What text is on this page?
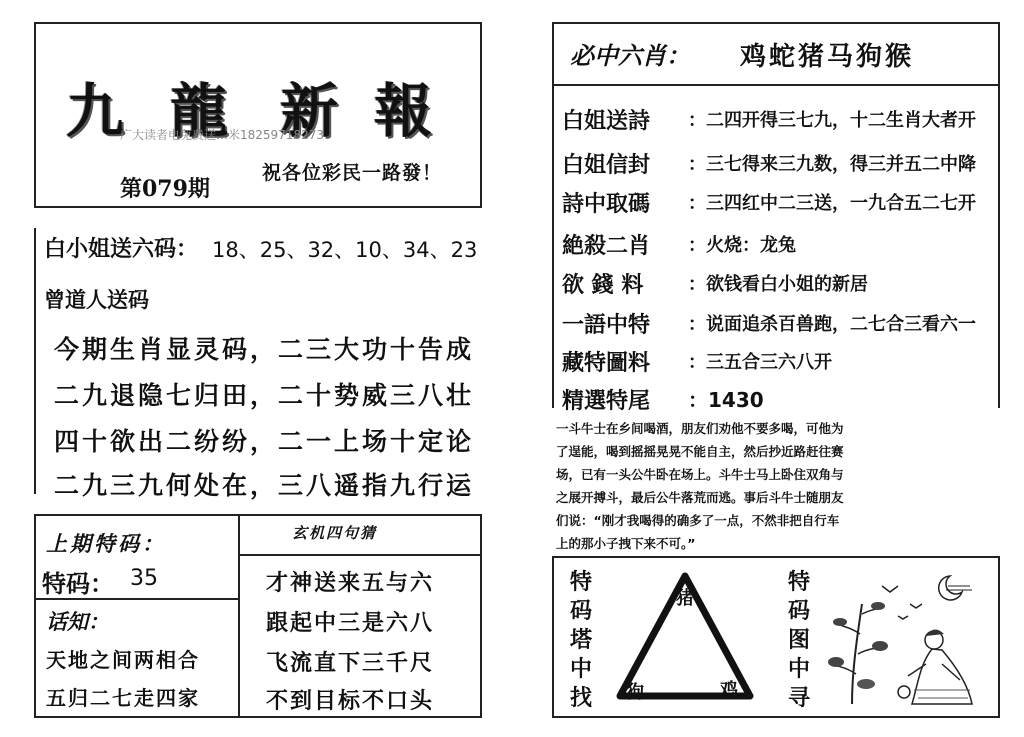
九 龍 新 報
广大读者电免费送…米18259718273
第079期
祝各位彩民一路發！
白小姐送六码： 18、25、32、10、34、23
曾道人送码
今期生肖显灵码，二三大功十告成
二九退隐七归田，二十势威三八壮
四十欲出二纷纷，二一上场十定论
二九三九何处在，三八遥指九行运
上期特码：
特码： 35
话知：
天地之间两相合
五归二七走四家
玄机四句猜
才神送来五与六
跟起中三是六八
飞流直下三千尺
不到目标不口头
必中六肖： 鸡蛇猪马狗猴
白姐送詩 ：二四开得三七九，十二生肖大者开
白姐信封 ：三七得来三九数，得三并五二中降
詩中取碼 ：三四红中二三送，一九合五二七开
絶殺二肖 ：火烧：龙兔
欲 錢 料 ：欲钱看白小姐的新居
一語中特 ：说面追杀百兽跑，二七合三看六一
藏特圖料 ：三五合三六八开
精選特尾 ：1430
一斗牛士在乡间喝酒，朋友们劝他不要多喝，可他为
了逞能，喝到摇摇晃晃不能自主，然后抄近路赶往赛
场，已有一头公牛卧在场上。斗牛士马上卧住双角与
之展开搏斗，最后公牛落荒而逃。事后斗牛士随朋友
们说：“刚才我喝得的确多了一点，不然非把自行车
上的那小子拽下来不可。”
特
码
塔
中
找
猪
狗	鸡
特
码
图
中
寻
